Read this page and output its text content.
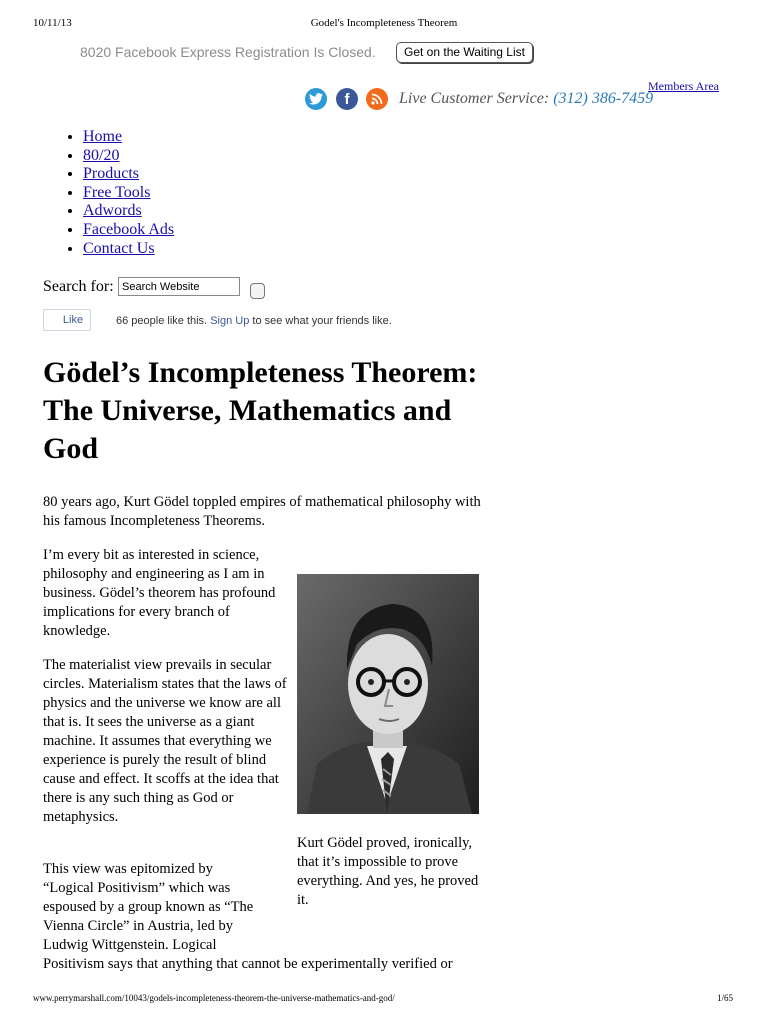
10/11/13	Godel's Incompleteness Theorem
www.perrymarshall.com/10043/godels-incompleteness-theorem-the-universe-mathematics-and-god/	1/65
8020 Facebook Express Registration Is Closed.	Get on the Waiting List
Members Area
f	Live Customer Service: (312) 386-7459
• Home
• 80/20
• Products
• Free Tools
• Adwords
• Facebook Ads
• Contact Us
Search for:
Search Website
Like	66 people like this. Sign Up to see what your friends like.
Gödel’s Incompleteness Theorem: The Universe, Mathematics and God

80 years ago, Kurt Gödel toppled empires of mathematical philosophy with his famous Incompleteness Theorems.

I’m every bit as interested in science, philosophy and engineering as I am in business. Gödel’s theorem has profound implications for every branch of knowledge.

The materialist view prevails in secular circles. Materialism states that the laws of physics and the universe we know are all that is. It sees the universe as a giant machine. It assumes that everything we experience is purely the result of blind cause and effect. It scoffs at the idea that there is any such thing as God or metaphysics.

This view was epitomized by
“Logical Positivism” which was
espoused by a group known as “The
Vienna Circle” in Austria, led by
Ludwig Wittgenstein. Logical
Positivism says that anything that cannot be experimentally verified or
Kurt Gödel proved, ironically, that it’s impossible to prove everything. And yes, he proved it.
